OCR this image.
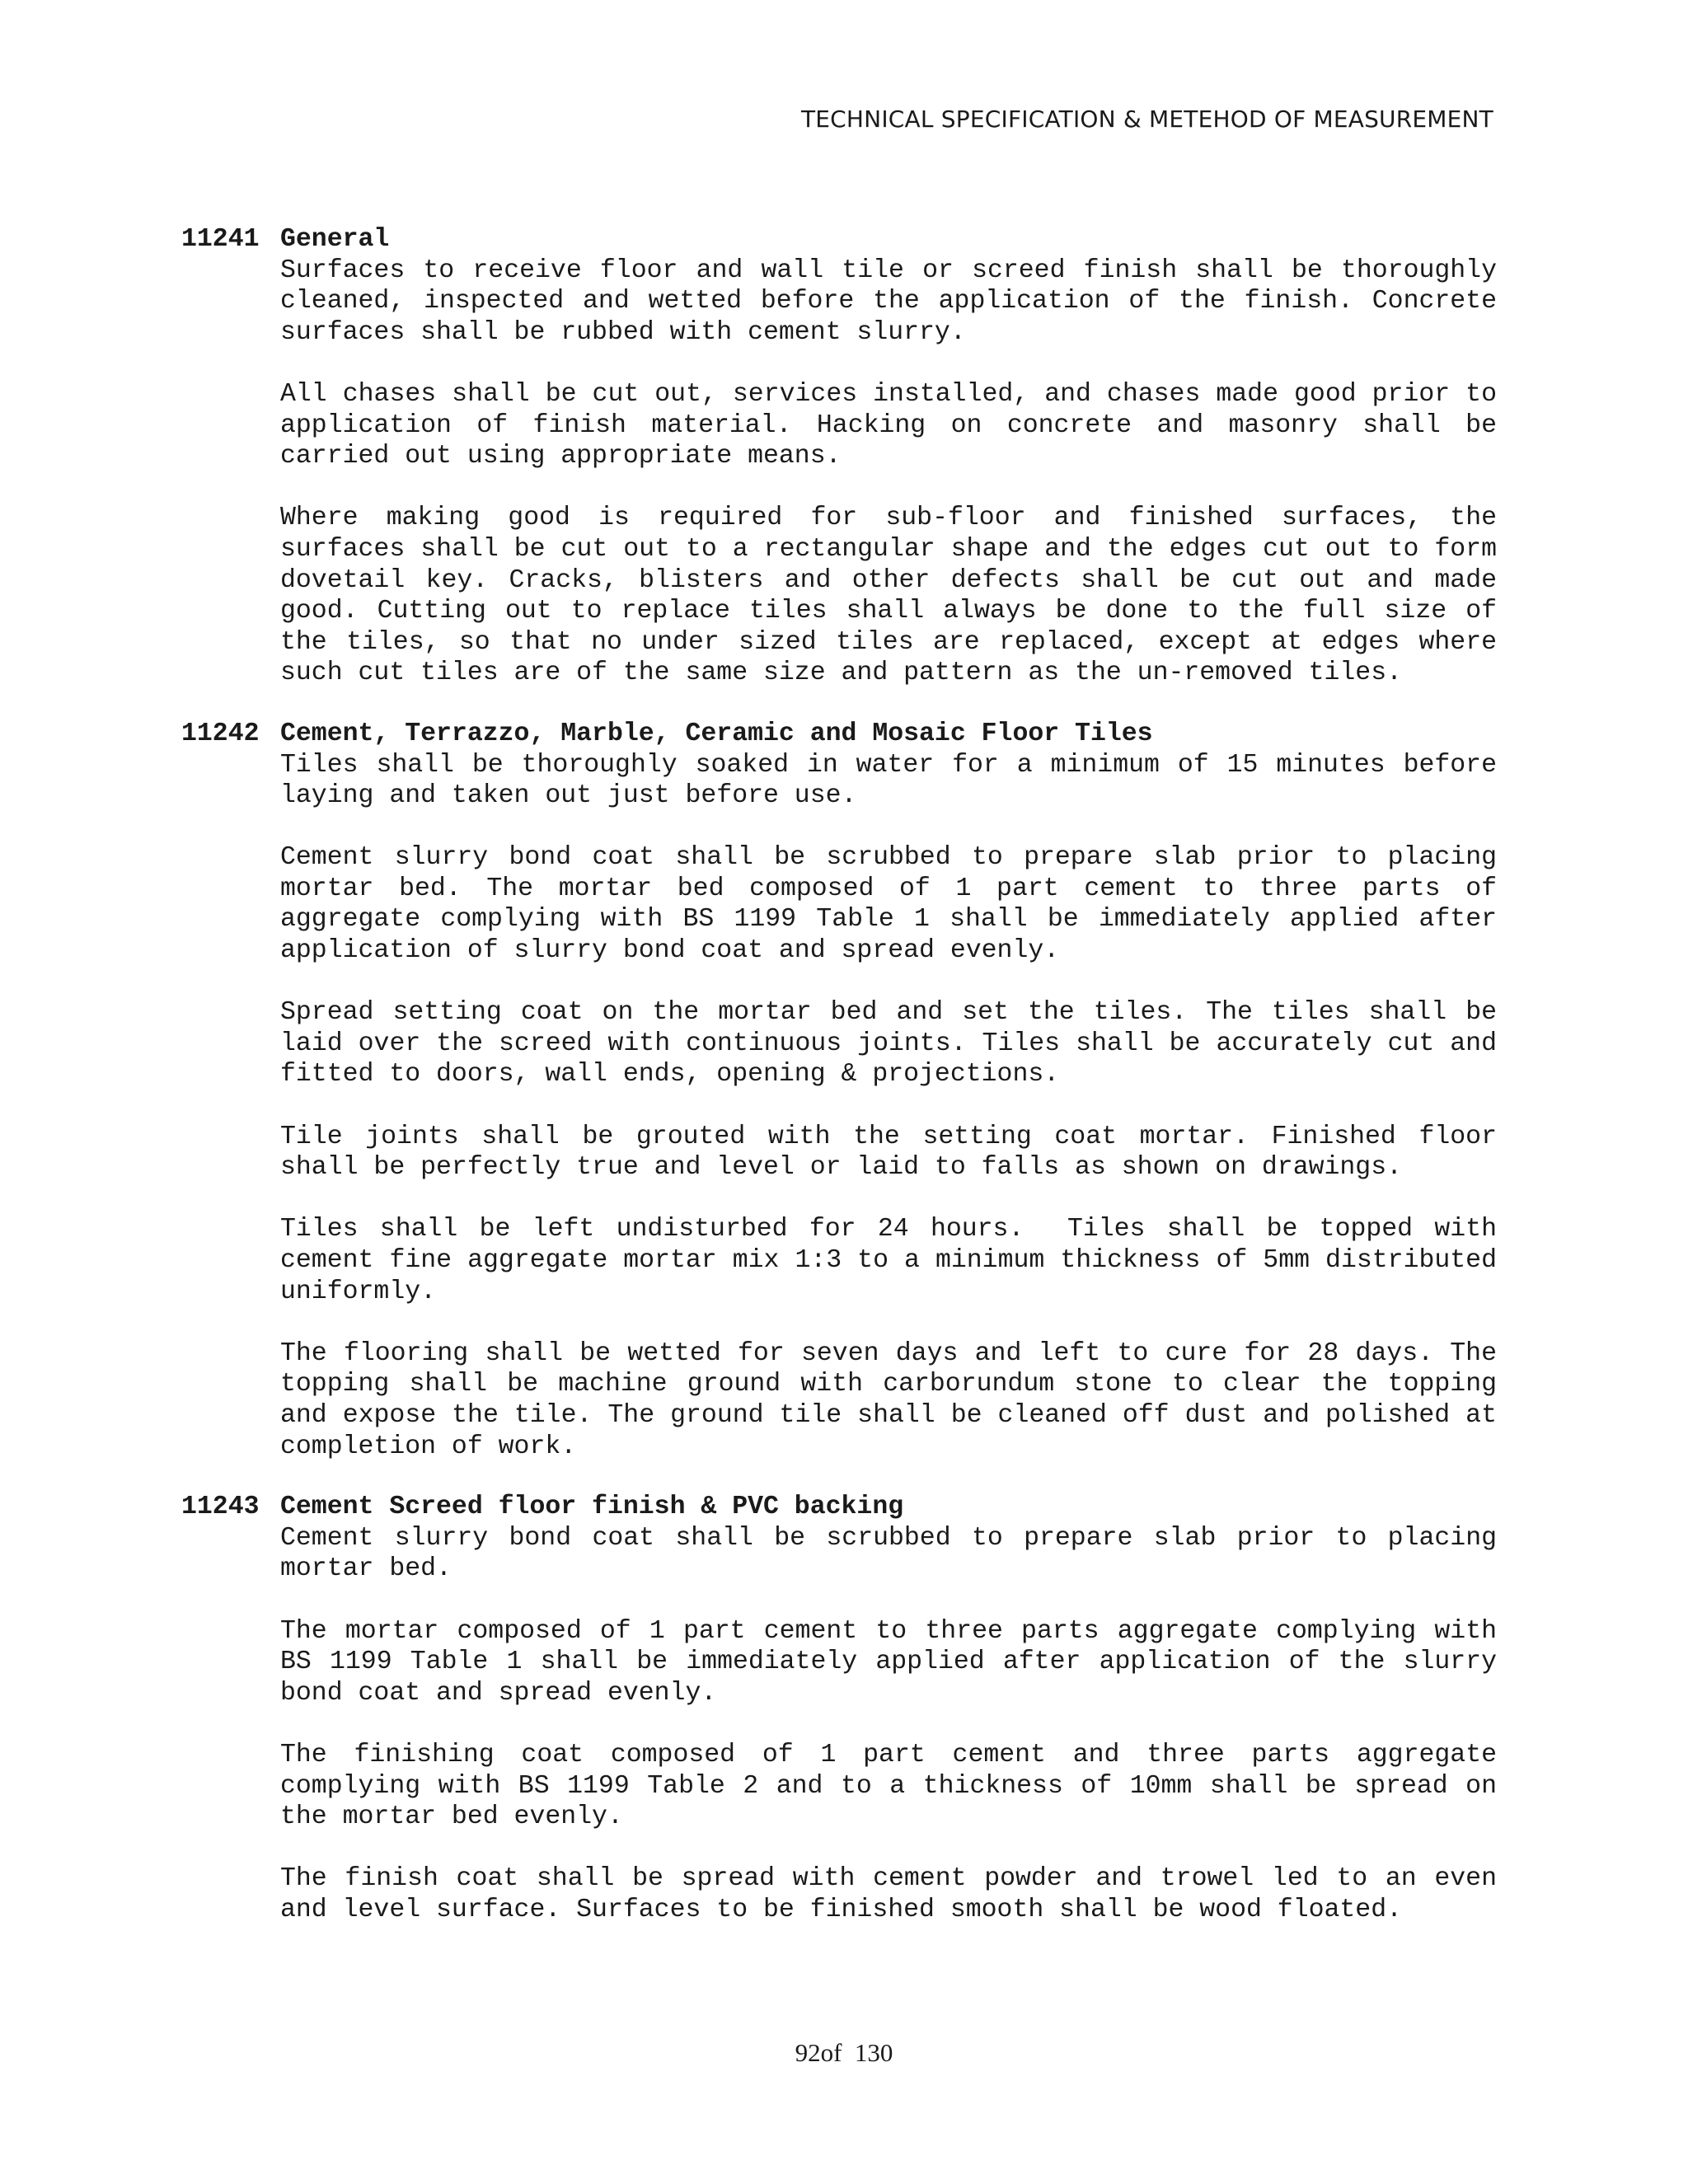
TECHNICAL SPECIFICATION & METEHOD OF MEASUREMENT
11241 General

Surfaces to receive floor and wall tile or screed finish shall be thoroughly cleaned, inspected and wetted before the application of the finish. Concrete surfaces shall be rubbed with cement slurry.

All chases shall be cut out, services installed, and chases made good prior to application of finish material. Hacking on concrete and masonry shall be carried out using appropriate means.

Where making good is required for sub-floor and finished surfaces, the surfaces shall be cut out to a rectangular shape and the edges cut out to form dovetail key. Cracks, blisters and other defects shall be cut out and made good. Cutting out to replace tiles shall always be done to the full size of the tiles, so that no under sized tiles are replaced, except at edges where such cut tiles are of the same size and pattern as the un-removed tiles.

11242 Cement, Terrazzo, Marble, Ceramic and Mosaic Floor Tiles

Tiles shall be thoroughly soaked in water for a minimum of 15 minutes before laying and taken out just before use.

Cement slurry bond coat shall be scrubbed to prepare slab prior to placing mortar bed. The mortar bed composed of 1 part cement to three parts of aggregate complying with BS 1199 Table 1 shall be immediately applied after application of slurry bond coat and spread evenly.

Spread setting coat on the mortar bed and set the tiles. The tiles shall be laid over the screed with continuous joints. Tiles shall be accurately cut and fitted to doors, wall ends, opening & projections.

Tile joints shall be grouted with the setting coat mortar. Finished floor shall be perfectly true and level or laid to falls as shown on drawings.

Tiles shall be left undisturbed for 24 hours.  Tiles shall be topped with cement fine aggregate mortar mix 1:3 to a minimum thickness of 5mm distributed uniformly.

The flooring shall be wetted for seven days and left to cure for 28 days. The topping shall be machine ground with carborundum stone to clear the topping and expose the tile. The ground tile shall be cleaned off dust and polished at completion of work.

11243 Cement Screed floor finish & PVC backing

Cement slurry bond coat shall be scrubbed to prepare slab prior to placing mortar bed.

The mortar composed of 1 part cement to three parts aggregate complying with BS 1199 Table 1 shall be immediately applied after application of the slurry        bond coat and spread evenly.

The finishing coat composed of 1 part cement and three parts aggregate complying with BS 1199 Table 2 and to a thickness of 10mm shall be spread on the mortar bed evenly.

The finish coat shall be spread with cement powder and trowel led to an even and level surface. Surfaces to be finished smooth shall be wood floated.

92of 130
